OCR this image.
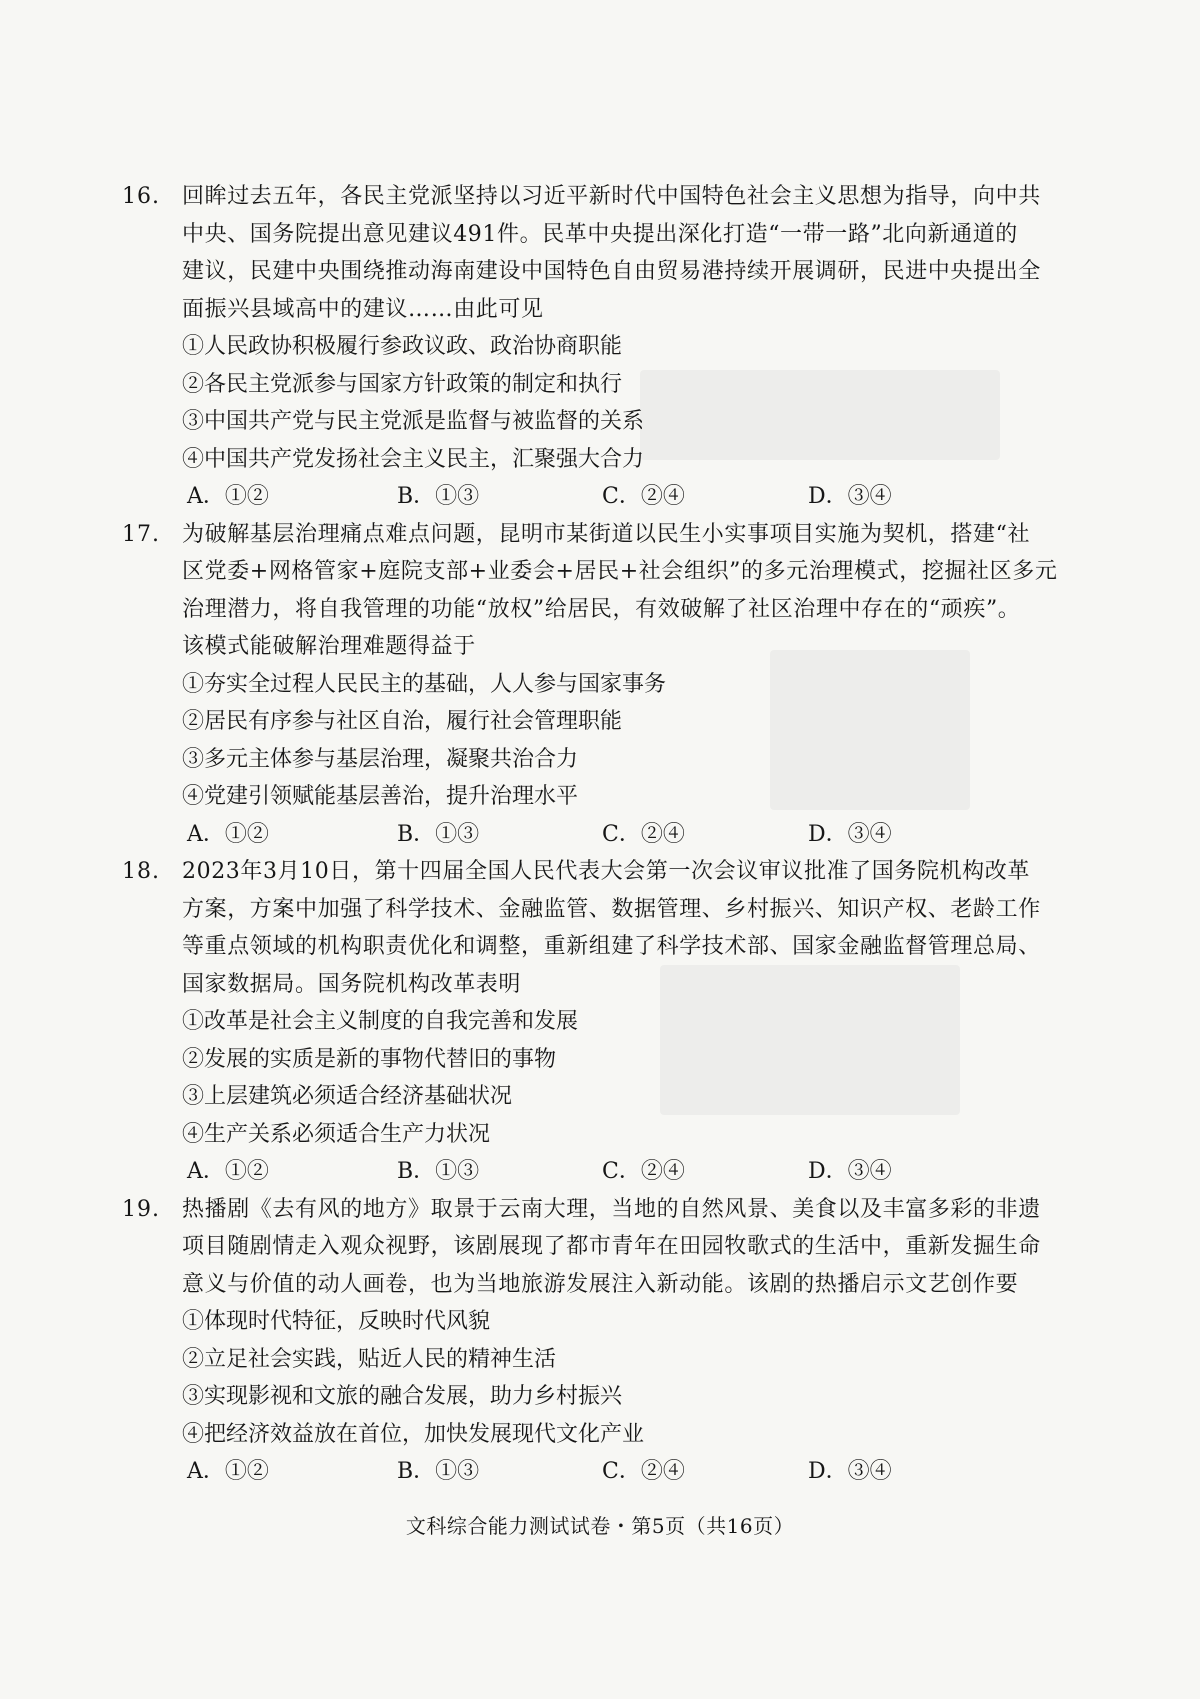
16. 回眸过去五年，各民主党派坚持以习近平新时代中国特色社会主义思想为指导，向中共
中央、国务院提出意见建议491件。民革中央提出深化打造“一带一路”北向新通道的
建议，民建中央围绕推动海南建设中国特色自由贸易港持续开展调研，民进中央提出全
面振兴县域高中的建议……由此可见
①人民政协积极履行参政议政、政治协商职能
②各民主党派参与国家方针政策的制定和执行
③中国共产党与民主党派是监督与被监督的关系
④中国共产党发扬社会主义民主，汇聚强大合力
A．①②	B．①③	C．②④	D．③④
17. 为破解基层治理痛点难点问题，昆明市某街道以民生小实事项目实施为契机，搭建“社
区党委+网格管家+庭院支部+业委会+居民+社会组织”的多元治理模式，挖掘社区多元
治理潜力，将自我管理的功能“放权”给居民，有效破解了社区治理中存在的“顽疾”。
该模式能破解治理难题得益于
①夯实全过程人民民主的基础，人人参与国家事务
②居民有序参与社区自治，履行社会管理职能
③多元主体参与基层治理，凝聚共治合力
④党建引领赋能基层善治，提升治理水平
A．①②	B．①③	C．②④	D．③④
18. 2023年3月10日，第十四届全国人民代表大会第一次会议审议批准了国务院机构改革
方案，方案中加强了科学技术、金融监管、数据管理、乡村振兴、知识产权、老龄工作
等重点领域的机构职责优化和调整，重新组建了科学技术部、国家金融监督管理总局、
国家数据局。国务院机构改革表明
①改革是社会主义制度的自我完善和发展
②发展的实质是新的事物代替旧的事物
③上层建筑必须适合经济基础状况
④生产关系必须适合生产力状况
A．①②	B．①③	C．②④	D．③④
19. 热播剧《去有风的地方》取景于云南大理，当地的自然风景、美食以及丰富多彩的非遗
项目随剧情走入观众视野，该剧展现了都市青年在田园牧歌式的生活中，重新发掘生命
意义与价值的动人画卷，也为当地旅游发展注入新动能。该剧的热播启示文艺创作要
①体现时代特征，反映时代风貌
②立足社会实践，贴近人民的精神生活
③实现影视和文旅的融合发展，助力乡村振兴
④把经济效益放在首位，加快发展现代文化产业
A．①②	B．①③	C．②④	D．③④
文科综合能力测试试卷・第5页（共16页）
